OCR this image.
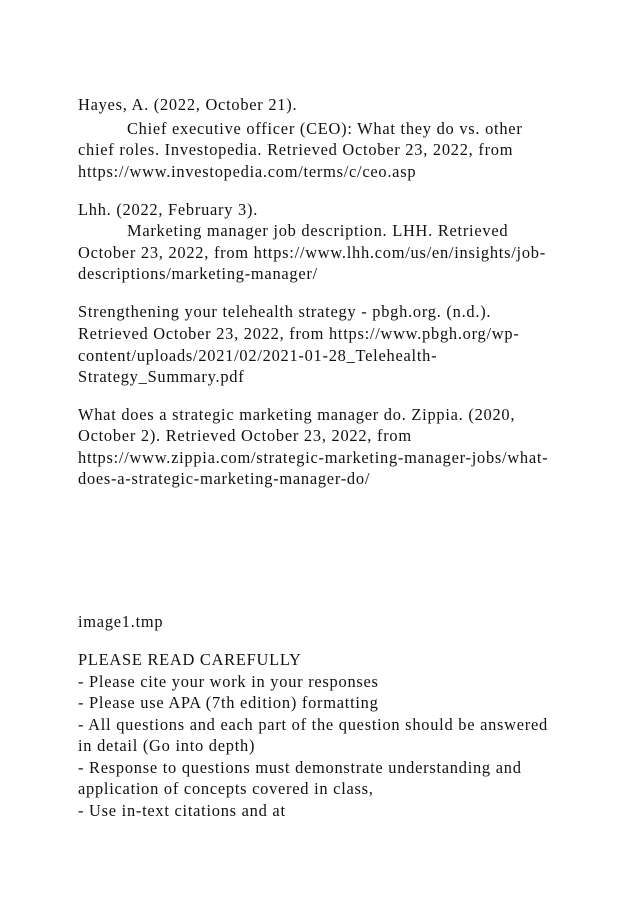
Hayes, A. (2022, October 21).
Chief executive officer (CEO): What they do vs. other
chief roles. Investopedia. Retrieved October 23, 2022, from
https://www.investopedia.com/terms/c/ceo.asp
Lhh. (2022, February 3).
Marketing manager job description. LHH. Retrieved
October 23, 2022, from https://www.lhh.com/us/en/insights/job-
descriptions/marketing-manager/
Strengthening your telehealth strategy - pbgh.org. (n.d.).
Retrieved October 23, 2022, from https://www.pbgh.org/wp-
content/uploads/2021/02/2021-01-28_Telehealth-
Strategy_Summary.pdf
What does a strategic marketing manager do. Zippia. (2020,
October 2). Retrieved October 23, 2022, from
https://www.zippia.com/strategic-marketing-manager-jobs/what-
does-a-strategic-marketing-manager-do/
image1.tmp
PLEASE READ CAREFULLY
- Please cite your work in your responses
- Please use APA (7th edition) formatting
- All questions and each part of the question should be answered
in detail (Go into depth)
- Response to questions must demonstrate understanding and
application of concepts covered in class,
- Use in-text citations and at
